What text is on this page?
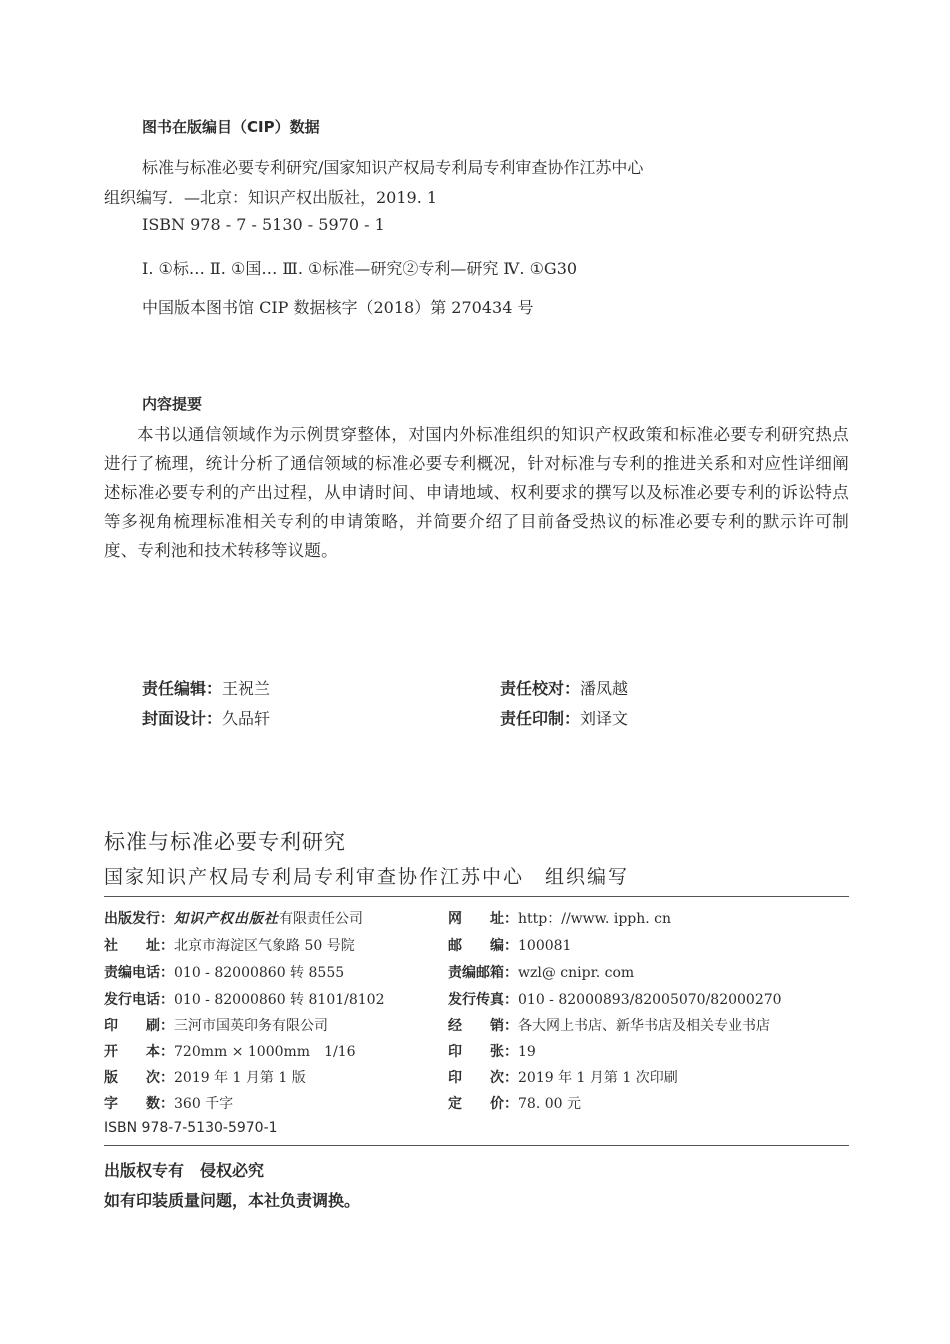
图书在版编目（CIP）数据
标准与标准必要专利研究/国家知识产权局专利局专利审查协作江苏中心
组织编写．—北京：知识产权出版社，2019. 1
ISBN 978 - 7 - 5130 - 5970 - 1
Ⅰ. ①标… Ⅱ. ①国… Ⅲ. ①标准—研究②专利—研究 Ⅳ. ①G30
中国版本图书馆 CIP 数据核字（2018）第 270434 号
内容提要
本书以通信领域作为示例贯穿整体，对国内外标准组织的知识产权政策和标准必要专利研究热点进行了梳理，统计分析了通信领域的标准必要专利概况，针对标准与专利的推进关系和对应性详细阐述标准必要专利的产出过程，从申请时间、申请地域、权利要求的撰写以及标准必要专利的诉讼特点等多视角梳理标准相关专利的申请策略，并简要介绍了目前备受热议的标准必要专利的默示许可制度、专利池和技术转移等议题。
责任编辑：王祝兰	责任校对：潘凤越
封面设计：久品轩	责任印制：刘译文
标准与标准必要专利研究
国家知识产权局专利局专利审查协作江苏中心　组织编写
出版发行：知识产权出版社有限责任公司	网　　址：http：//www. ipph. cn
社　　址：北京市海淀区气象路 50 号院	邮　　编：100081
责编电话：010 - 82000860 转 8555	责编邮箱：wzl@ cnipr. com
发行电话：010 - 82000860 转 8101/8102	发行传真：010 - 82000893/82005070/82000270
印　　刷：三河市国英印务有限公司	经　　销：各大网上书店、新华书店及相关专业书店
开　　本：720mm × 1000mm　1/16	印　　张：19
版　　次：2019 年 1 月第 1 版	印　　次：2019 年 1 月第 1 次印刷
字　　数：360 千字	定　　价：78. 00 元
ISBN 978-7-5130-5970-1
出版权专有　侵权必究
如有印装质量问题，本社负责调换。
